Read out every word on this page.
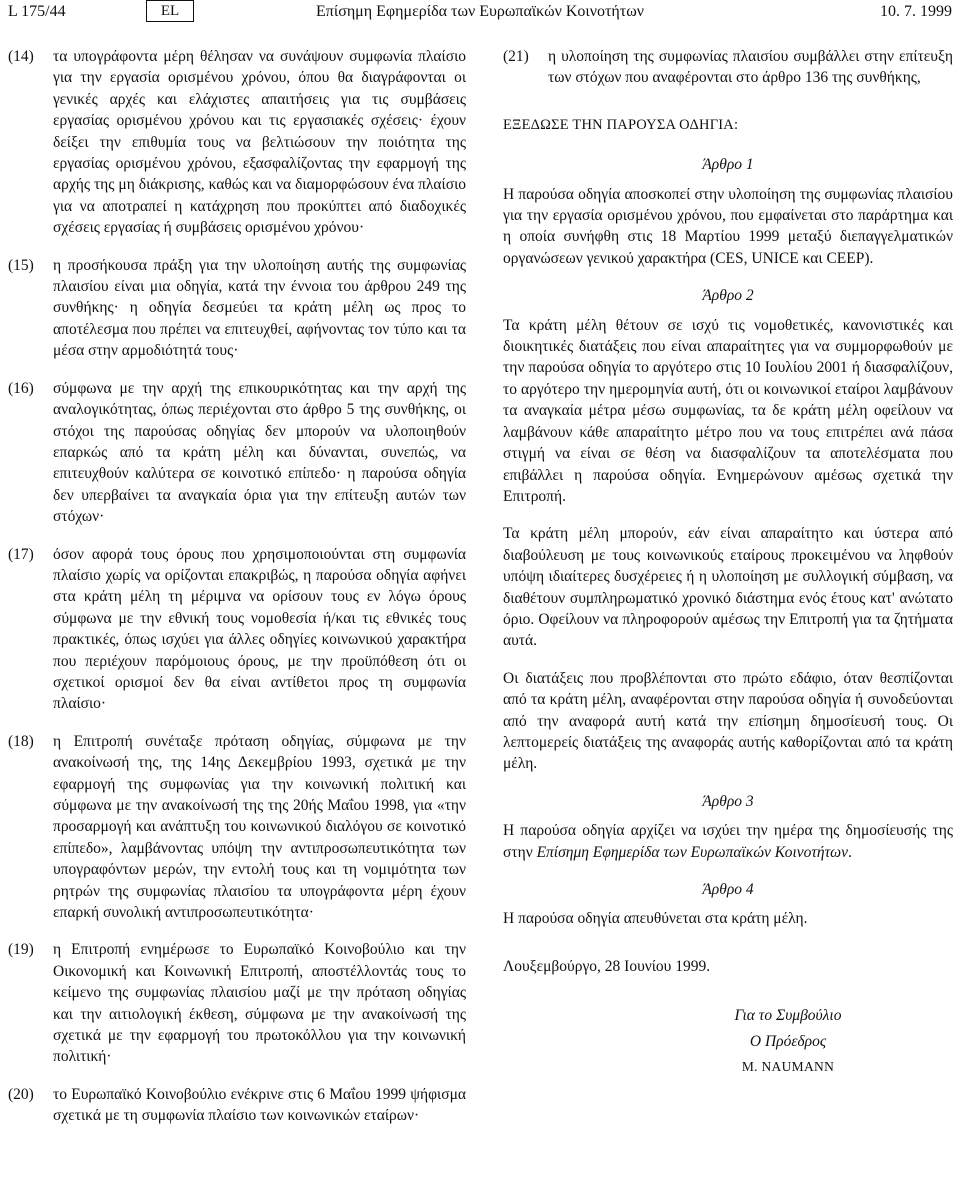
L 175/44	EL	Επίσημη Εφημερίδα των Ευρωπαϊκών Κοινοτήτων	10. 7. 1999
(14)	τα υπογράφοντα μέρη θέλησαν να συνάψουν συμφωνία πλαίσιο για την εργασία ορισμένου χρόνου, όπου θα διαγράφονται οι γενικές αρχές και ελάχιστες απαιτήσεις για τις συμβάσεις εργασίας ορισμένου χρόνου και τις εργασιακές σχέσεις· έχουν δείξει την επιθυμία τους να βελτιώσουν την ποιότητα της εργασίας ορισμένου χρόνου, εξασφαλίζοντας την εφαρμογή της αρχής της μη διάκρισης, καθώς και να διαμορφώσουν ένα πλαίσιο για να αποτραπεί η κατάχρηση που προκύπτει από διαδοχικές σχέσεις εργασίας ή συμβάσεις ορισμένου χρόνου·
(15)	η προσήκουσα πράξη για την υλοποίηση αυτής της συμφωνίας πλαισίου είναι μια οδηγία, κατά την έννοια του άρθρου 249 της συνθήκης· η οδηγία δεσμεύει τα κράτη μέλη ως προς το αποτέλεσμα που πρέπει να επιτευχθεί, αφήνοντας τον τύπο και τα μέσα στην αρμοδιότητά τους·
(16)	σύμφωνα με την αρχή της επικουρικότητας και την αρχή της αναλογικότητας, όπως περιέχονται στο άρθρο 5 της συνθήκης, οι στόχοι της παρούσας οδηγίας δεν μπορούν να υλοποιηθούν επαρκώς από τα κράτη μέλη και δύνανται, συνεπώς, να επιτευχθούν καλύτερα σε κοινοτικό επίπεδο· η παρούσα οδηγία δεν υπερβαίνει τα αναγκαία όρια για την επίτευξη αυτών των στόχων·
(17)	όσον αφορά τους όρους που χρησιμοποιούνται στη συμφωνία πλαίσιο χωρίς να ορίζονται επακριβώς, η παρούσα οδηγία αφήνει στα κράτη μέλη τη μέριμνα να ορίσουν τους εν λόγω όρους σύμφωνα με την εθνική τους νομοθεσία ή/και τις εθνικές τους πρακτικές, όπως ισχύει για άλλες οδηγίες κοινωνικού χαρακτήρα που περιέχουν παρόμοιους όρους, με την προϋπόθεση ότι οι σχετικοί ορισμοί δεν θα είναι αντίθετοι προς τη συμφωνία πλαίσιο·
(18)	η Επιτροπή συνέταξε πρόταση οδηγίας, σύμφωνα με την ανακοίνωσή της, της 14ης Δεκεμβρίου 1993, σχετικά με την εφαρμογή της συμφωνίας για την κοινωνική πολιτική και σύμφωνα με την ανακοίνωσή της της 20ής Μαΐου 1998, για «την προσαρμογή και ανάπτυξη του κοινωνικού διαλόγου σε κοινοτικό επίπεδο», λαμβάνοντας υπόψη την αντιπροσωπευτικότητα των υπογραφόντων μερών, την εντολή τους και τη νομιμότητα των ρητρών της συμφωνίας πλαισίου τα υπογράφοντα μέρη έχουν επαρκή συνολική αντιπροσωπευτικότητα·
(19)	η Επιτροπή ενημέρωσε το Ευρωπαϊκό Κοινοβούλιο και την Οικονομική και Κοινωνική Επιτροπή, αποστέλλοντάς τους το κείμενο της συμφωνίας πλαισίου μαζί με την πρόταση οδηγίας και την αιτιολογική έκθεση, σύμφωνα με την ανακοίνωσή της σχετικά με την εφαρμογή του πρωτοκόλλου για την κοινωνική πολιτική·
(20)	το Ευρωπαϊκό Κοινοβούλιο ενέκρινε στις 6 Μαΐου 1999 ψήφισμα σχετικά με τη συμφωνία πλαίσιο των κοινωνικών εταίρων·
(21)	η υλοποίηση της συμφωνίας πλαισίου συμβάλλει στην επίτευξη των στόχων που αναφέρονται στο άρθρο 136 της συνθήκης,
ΕΞΕΔΩΣΕ ΤΗΝ ΠΑΡΟΥΣΑ ΟΔΗΓΙΑ:
Άρθρο 1

Η παρούσα οδηγία αποσκοπεί στην υλοποίηση της συμφωνίας πλαισίου για την εργασία ορισμένου χρόνου, που εμφαίνεται στο παράρτημα και η οποία συνήφθη στις 18 Μαρτίου 1999 μεταξύ διεπαγγελματικών οργανώσεων γενικού χαρακτήρα (CES, UNICE και CEEP).

Άρθρο 2

Τα κράτη μέλη θέτουν σε ισχύ τις νομοθετικές, κανονιστικές και διοικητικές διατάξεις που είναι απαραίτητες για να συμμορφωθούν με την παρούσα οδηγία το αργότερο στις 10 Ιουλίου 2001 ή διασφαλίζουν, το αργότερο την ημερομηνία αυτή, ότι οι κοινωνικοί εταίροι λαμβάνουν τα αναγκαία μέτρα μέσω συμφωνίας, τα δε κράτη μέλη οφείλουν να λαμβάνουν κάθε απαραίτητο μέτρο που να τους επιτρέπει ανά πάσα στιγμή να είναι σε θέση να διασφαλίζουν τα αποτελέσματα που επιβάλλει η παρούσα οδηγία. Ενημερώνουν αμέσως σχετικά την Επιτροπή.

Τα κράτη μέλη μπορούν, εάν είναι απαραίτητο και ύστερα από διαβούλευση με τους κοινωνικούς εταίρους προκειμένου να ληφθούν υπόψη ιδιαίτερες δυσχέρειες ή η υλοποίηση με συλλογική σύμβαση, να διαθέτουν συμπληρωματικό χρονικό διάστημα ενός έτους κατ' ανώτατο όριο. Οφείλουν να πληροφορούν αμέσως την Επιτροπή για τα ζητήματα αυτά.

Οι διατάξεις που προβλέπονται στο πρώτο εδάφιο, όταν θεσπίζονται από τα κράτη μέλη, αναφέρονται στην παρούσα οδηγία ή συνοδεύονται από την αναφορά αυτή κατά την επίσημη δημοσίευσή τους. Οι λεπτομερείς διατάξεις της αναφοράς αυτής καθορίζονται από τα κράτη μέλη.

Άρθρο 3

Η παρούσα οδηγία αρχίζει να ισχύει την ημέρα της δημοσίευσής της στην Επίσημη Εφημερίδα των Ευρωπαϊκών Κοινοτήτων.

Άρθρο 4

Η παρούσα οδηγία απευθύνεται στα κράτη μέλη.

Λουξεμβούργο, 28 Ιουνίου 1999.
Για το Συμβούλιο
Ο Πρόεδρος
M. NAUMANN
